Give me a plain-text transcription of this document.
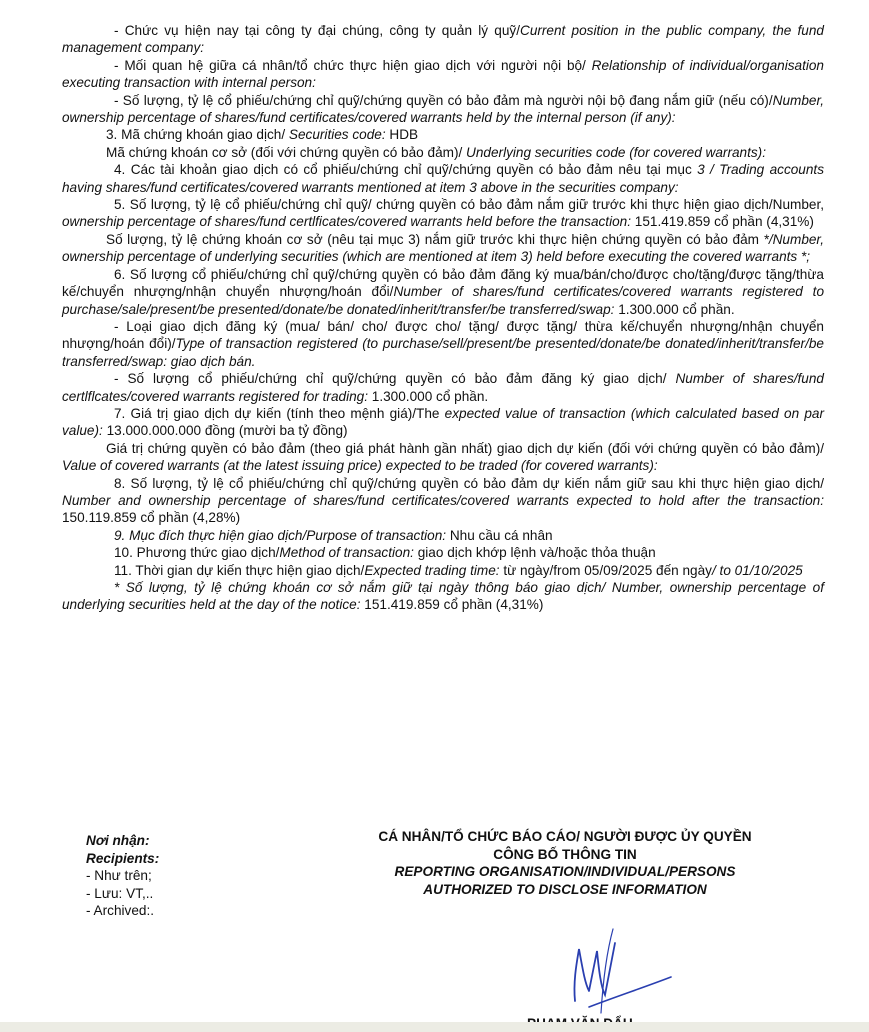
- Chức vụ hiện nay tại công ty đại chúng, công ty quản lý quỹ/Current position in the public company, the fund management company:

- Mối quan hệ giữa cá nhân/tổ chức thực hiện giao dịch với người nội bộ/ Relationship of individual/organisation executing transaction with internal person:

- Số lượng, tỷ lệ cổ phiếu/chứng chỉ quỹ/chứng quyền có bảo đảm mà người nội bộ đang nắm giữ (nếu có)/Number, ownership percentage of shares/fund certificates/covered warrants held by the internal person (if any):

3. Mã chứng khoán giao dịch/ Securities code: HDB

Mã chứng khoán cơ sở (đối với chứng quyền có bảo đảm)/ Underlying securities code (for covered warrants):

4. Các tài khoản giao dịch có cổ phiếu/chứng chỉ quỹ/chứng quyền có bảo đảm nêu tại mục 3 / Trading accounts having shares/fund certificates/covered warrants mentioned at item 3 above in the securities company:

5. Số lượng, tỷ lệ cổ phiếu/chứng chỉ quỹ/ chứng quyền có bảo đảm nắm giữ trước khi thực hiện giao dịch/Number, ownership percentage of shares/fund certlficates/covered warrants held before the transaction: 151.419.859 cổ phần (4,31%)

Số lượng, tỷ lệ chứng khoán cơ sở (nêu tại mục 3) nắm giữ trước khi thực hiện chứng quyền có bảo đảm */Number, ownership percentage of underlying securities (which are mentioned at item 3) held before executing the covered warrants *;

6. Số lượng cổ phiếu/chứng chỉ quỹ/chứng quyền có bảo đảm đăng ký mua/bán/cho/được cho/tặng/được tặng/thừa kế/chuyển nhượng/nhận chuyển nhượng/hoán đổi/Number of shares/fund certificates/covered warrants registered to purchase/sale/present/be presented/donate/be donated/inherit/transfer/be transferred/swap: 1.300.000 cổ phần.

- Loại giao dịch đăng ký (mua/ bán/ cho/ được cho/ tặng/ được tặng/ thừa kế/chuyển nhượng/nhận chuyển nhượng/hoán đổi)/Type of transaction registered (to purchase/sell/present/be presented/donate/be donated/inherit/transfer/be transferred/swap: giao dịch bán.

- Số lượng cổ phiếu/chứng chỉ quỹ/chứng quyền có bảo đảm đăng ký giao dịch/ Number of shares/fund certlflcates/covered warrants registered for trading: 1.300.000 cổ phần.

7. Giá trị giao dịch dự kiến (tính theo mệnh giá)/The expected value of transaction (which calculated based on par value): 13.000.000.000 đồng (mười ba tỷ đồng)

Giá trị chứng quyền có bảo đảm (theo giá phát hành gần nhất) giao dịch dự kiến (đối với chứng quyền có bảo đảm)/ Value of covered warrants (at the latest issuing price) expected to be traded (for covered warrants):

8. Số lượng, tỷ lệ cổ phiếu/chứng chỉ quỹ/chứng quyền có bảo đảm dự kiến nắm giữ sau khi thực hiện giao dịch/ Number and ownership percentage of shares/fund certificates/covered warrants expected to hold after the transaction: 150.119.859 cổ phần (4,28%)

9. Mục đích thực hiện giao dịch/Purpose of transaction: Nhu cầu cá nhân

10. Phương thức giao dịch/Method of transaction: giao dịch khớp lệnh và/hoặc thỏa thuận

11. Thời gian dự kiến thực hiện giao dịch/Expected trading time: từ ngày/from 05/09/2025 đến ngày/ to 01/10/2025

* Số lượng, tỷ lệ chứng khoán cơ sở nắm giữ tại ngày thông báo giao dịch/ Number, ownership percentage of underlying securities held at the day of the notice: 151.419.859 cổ phần (4,31%)

Nơi nhận:
Recipients:
- Như trên;
- Lưu: VT,..
- Archived:.
CÁ NHÂN/TỔ CHỨC BÁO CÁO/ NGƯỜI ĐƯỢC ỦY QUYỀN
CÔNG BỐ THÔNG TIN
REPORTING ORGANISATION/INDIVIDUAL/PERSONS
AUTHORIZED TO DISCLOSE INFORMATION
